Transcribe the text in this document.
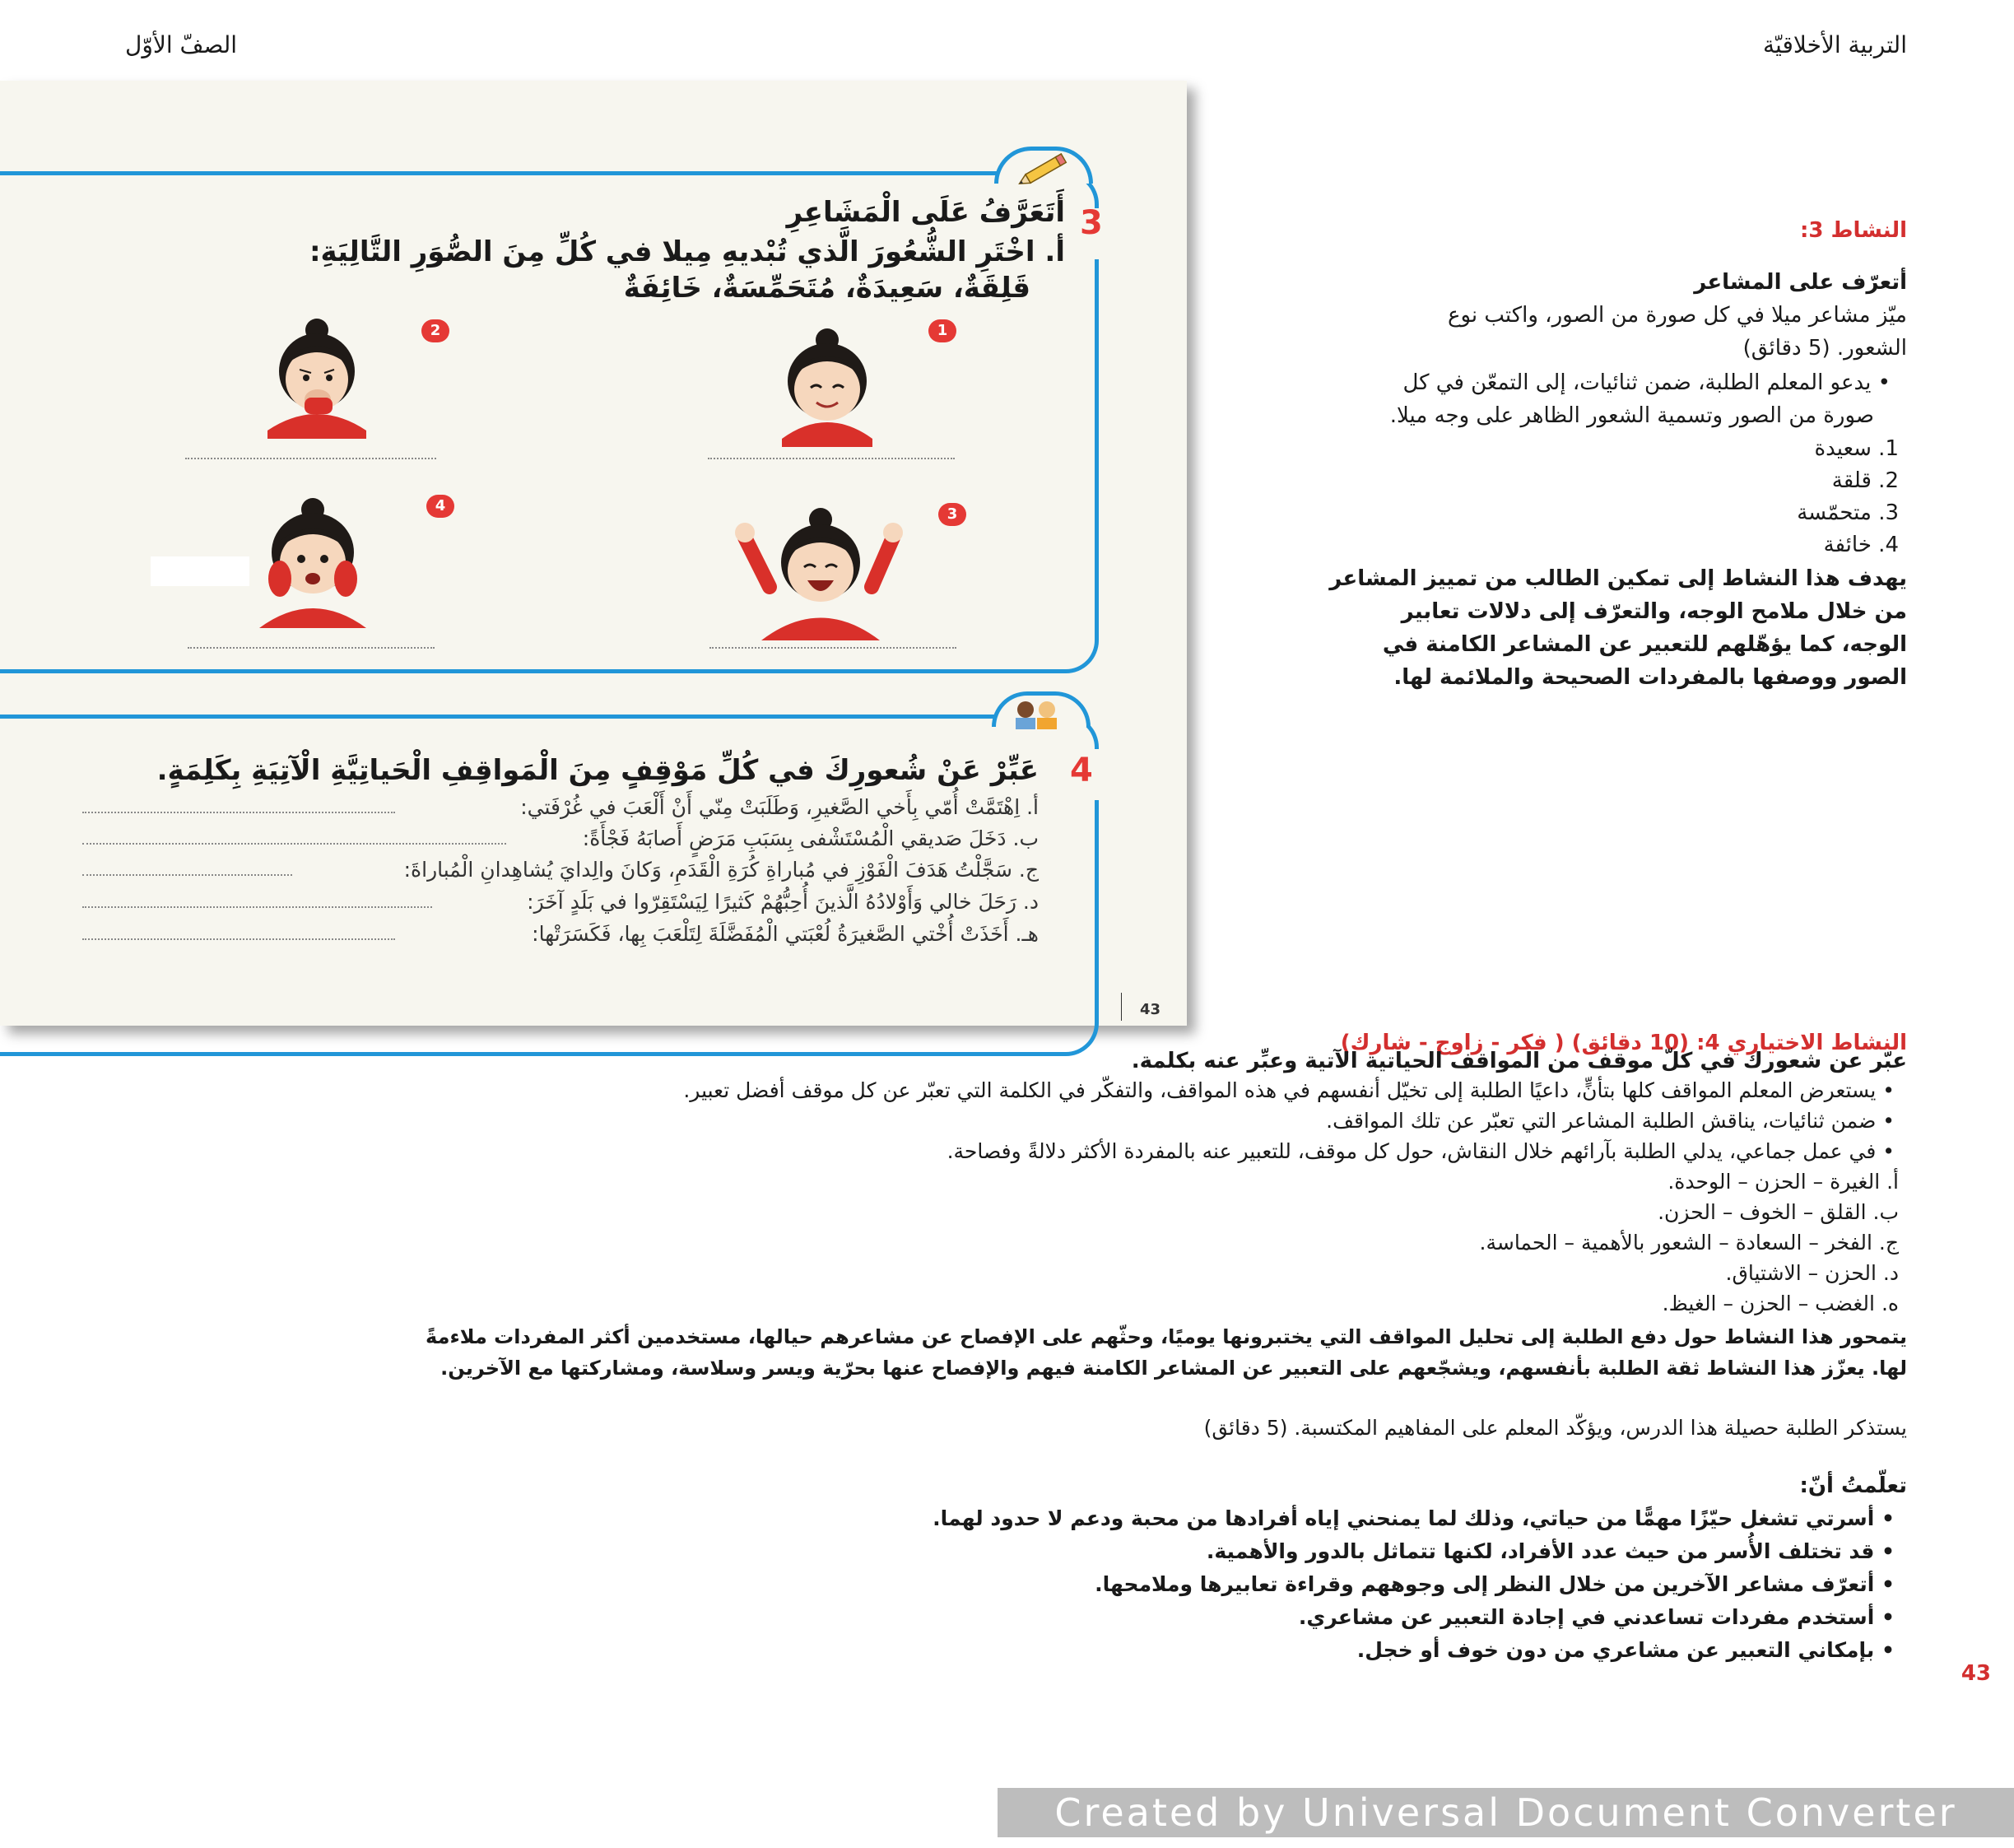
التربية الأخلاقيّة
الصفّ الأوّل
3
أَتَعَرَّفُ عَلَى الْمَشَاعِرِ
أ. اخْتَرِ الشُّعُورَ الَّذي تُبْديهِ مِيلا في كُلِّ مِنَ الصُّوَرِ التَّالِيَةِ:
قَلِقَةٌ، سَعِيدَةٌ، مُتَحَمِّسَةٌ، خَائِفَةٌ
1
2
3
4
4
عَبِّرْ عَنْ شُعورِكَ في كُلِّ مَوْقِفٍ مِنَ الْمَواقِفِ الْحَياتِيَّةِ الْآتِيَةِ بِكَلِمَةٍ.
أ. اِهْتَمَّتْ أُمّي بِأَخي الصَّغيرِ، وَطَلَبَتْ مِنّي أَنْ أَلْعَبَ في غُرْفَتي:
ب. دَخَلَ صَديقي الْمُسْتَشْفى بِسَبَبِ مَرَضٍ أَصابَهُ فَجْأَةً:
ج. سَجَّلْتُ هَدَفَ الْفَوْزِ في مُباراةِ كُرَةِ الْقَدَمِ، وَكانَ والِدايَ يُشاهِدانِ الْمُباراةَ:
د. رَحَلَ خالي وَأَوْلادُهُ الَّذينَ أُحِبُّهُمْ كَثيرًا لِيَسْتَقِرّوا في بَلَدٍ آخَرَ:
هـ. أَخَذَتْ أُخْتي الصَّغيرَةُ لُعْبَتي الْمُفَضَّلَةَ لِتَلْعَبَ بِها، فَكَسَرَتْها:
43
النشاط 3:
أتعرّف على المشاعر
ميّز مشاعر ميلا في كل صورة من الصور، واكتب نوع
الشعور. (5 دقائق)
• يدعو المعلم الطلبة، ضمن ثنائيات، إلى التمعّن في كل
صورة من الصور وتسمية الشعور الظاهر على وجه ميلا.
1. سعيدة
2. قلقة
3. متحمّسة
4. خائفة
يهدف هذا النشاط إلى تمكين الطالب من تمييز المشاعر
من خلال ملامح الوجه، والتعرّف إلى دلالات تعابير
الوجه، كما يؤهّلهم للتعبير عن المشاعر الكامنة في
الصور ووصفها بالمفردات الصحيحة والملائمة لها.
النشاط الاختياري 4: (10 دقائق) ( فكر - زاوج - شارك)
عبّر عن شعورك في كلّ موقف من المواقف الحياتية الآتية وعبِّر عنه بكلمة.
• يستعرض المعلم المواقف كلها بتأنٍّ، داعيًا الطلبة إلى تخيّل أنفسهم في هذه المواقف، والتفكّر في الكلمة التي تعبّر عن كل موقف أفضل تعبير.
• ضمن ثنائيات، يناقش الطلبة المشاعر التي تعبّر عن تلك المواقف.
• في عمل جماعي، يدلي الطلبة بآرائهم خلال النقاش، حول كل موقف، للتعبير عنه بالمفردة الأكثر دلالةً وفصاحة.
أ. الغيرة – الحزن – الوحدة.
ب. القلق – الخوف – الحزن.
ج. الفخر – السعادة – الشعور بالأهمية – الحماسة.
د. الحزن – الاشتياق.
ه. الغضب – الحزن – الغيظ.
يتمحور هذا النشاط حول دفع الطلبة إلى تحليل المواقف التي يختبرونها يوميًا، وحثّهم على الإفصاح عن مشاعرهم حيالها، مستخدمين أكثر المفردات ملاءمةً
لها. يعزّز هذا النشاط ثقة الطلبة بأنفسهم، ويشجّعهم على التعبير عن المشاعر الكامنة فيهم والإفصاح عنها بحرّية ويسر وسلاسة، ومشاركتها مع الآخرين.
يستذكر الطلبة حصيلة هذا الدرس، ويؤكّد المعلم على المفاهيم المكتسبة. (5 دقائق)
تعلّمتُ أنّ:
• أسرتي تشغل حيّزًا مهمًّا من حياتي، وذلك لما يمنحني إياه أفرادها من محبة ودعم لا حدود لهما.
• قد تختلف الأُسر من حيث عدد الأفراد، لكنها تتماثل بالدور والأهمية.
• أتعرّف مشاعر الآخرين من خلال النظر إلى وجوههم وقراءة تعابيرها وملامحها.
• أستخدم مفردات تساعدني في إجادة التعبير عن مشاعري.
• بإمكاني التعبير عن مشاعري من دون خوف أو خجل.
43
Created by Universal Document Converter
